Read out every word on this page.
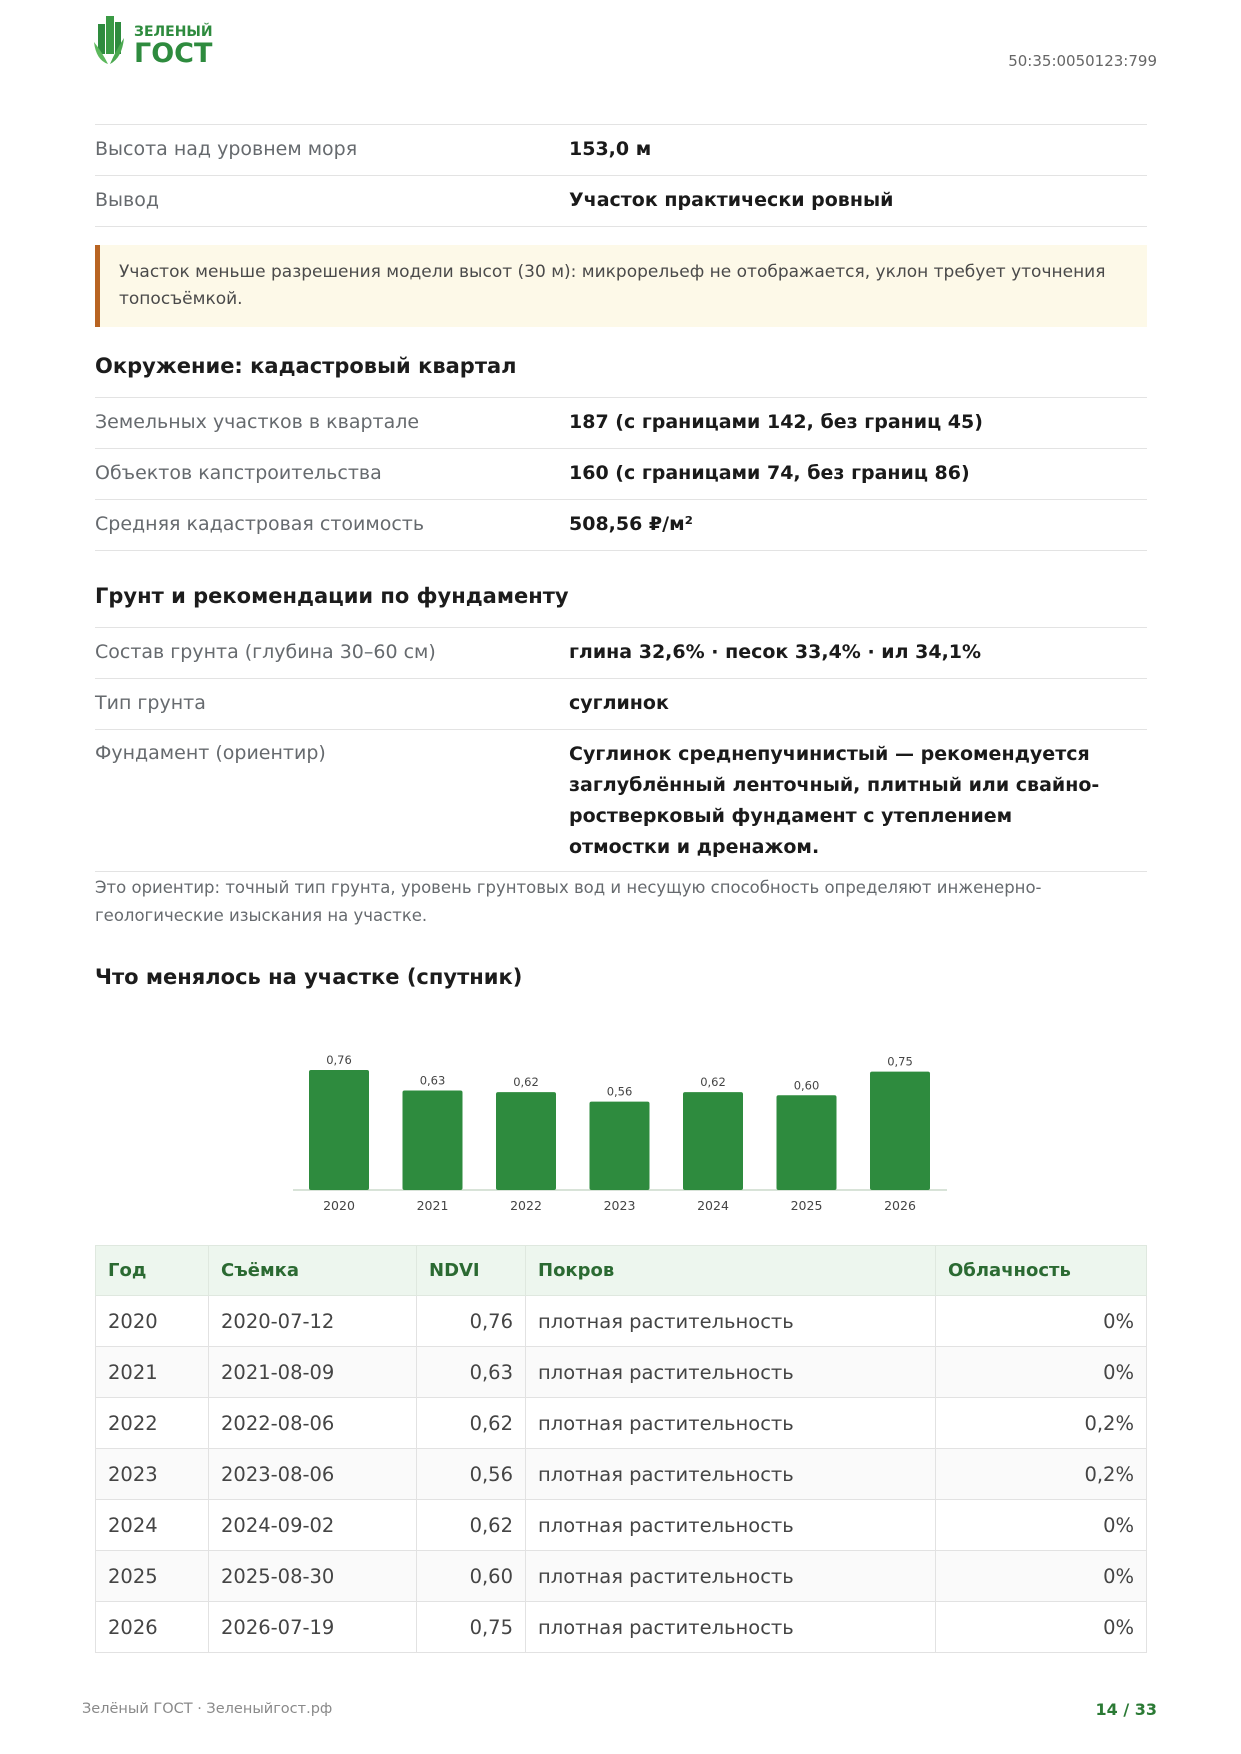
ЗЕЛЕНЫЙ
ГОСТ	50:35:0050123:799
Высота над уровнем моря	153,0 м
Вывод	Участок практически ровный
Участок меньше разрешения модели высот (30 м): микрорельеф не отображается, уклон требует уточнения топосъёмкой.
Окружение: кадастровый квартал
Земельных участков в квартале	187 (с границами 142, без границ 45)
Объектов капстроительства	160 (с границами 74, без границ 86)
Средняя кадастровая стоимость	508,56 ₽/м²
Грунт и рекомендации по фундаменту
Состав грунта (глубина 30–60 см)	глина 32,6% · песок 33,4% · ил 34,1%
Тип грунта	суглинок
Фундамент (ориентир)	Суглинок среднепучинистый — рекомендуется заглублённый ленточный, плитный или свайно-ростверковый фундамент с утеплением отмостки и дренажом.
Это ориентир: точный тип грунта, уровень грунтовых вод и несущую способность определяют инженерно-геологические изыскания на участке.
Что менялось на участке (спутник)
0,76
2020
0,63
2021
0,62
2022
0,56
2023
0,62
2024
0,60
2025
0,75
2026
Год	Съёмка	NDVI	Покров	Облачность
2020	2020-07-12	0,76	плотная растительность	0%
2021	2021-08-09	0,63	плотная растительность	0%
2022	2022-08-06	0,62	плотная растительность	0,2%
2023	2023-08-06	0,56	плотная растительность	0,2%
2024	2024-09-02	0,62	плотная растительность	0%
2025	2025-08-30	0,60	плотная растительность	0%
2026	2026-07-19	0,75	плотная растительность	0%
Зелёный ГОСТ · Зеленыйгост.рф	14 / 33
